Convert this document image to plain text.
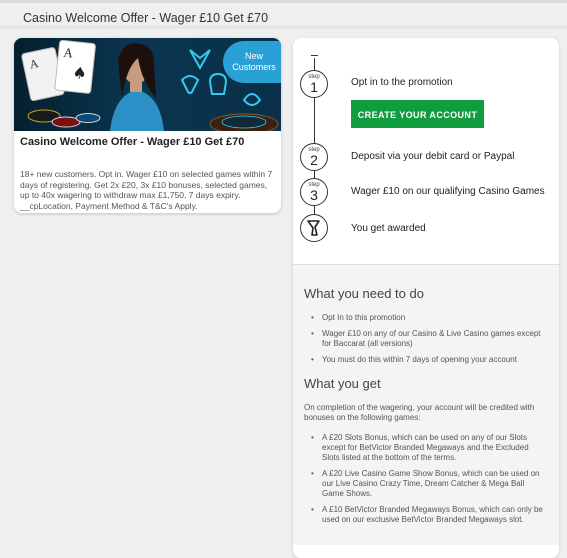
Casino Welcome Offer - Wager £10 Get £70
A
A
♠
New Customers
Casino Welcome Offer - Wager £10 Get £70
18+ new customers. Opt in. Wager £10 on selected games within 7 days of registering. Get 2x £20, 3x £10 bonuses, selected games, up to 40x wagering to withdraw max £1,750, 7 days expiry. __cpLocation, Payment Method & T&C's Apply.
step
1	Opt in to the promotion
CREATE YOUR ACCOUNT
step
2	Deposit via your debit card or Paypal
step
3	Wager £10 on our qualifying Casino Games
You get awarded
What you need to do
• Opt In to this promotion
• Wager £10 on any of our Casino & Live Casino games except for Baccarat (all versions)
• You must do this within 7 days of opening your account
What you get
On completion of the wagering, your account will be credited with bonuses on the following games:
• A £20 Slots Bonus, which can be used on any of our Slots except for BetVictor Branded Megaways and the Excluded Slots listed at the bottom of the terms.
• A £20 Live Casino Game Show Bonus, which can be used on our Live Casino Crazy Time, Dream Catcher & Mega Ball Game Shows.
• A £10 BetVictor Branded Megaways Bonus, which can only be used on our exclusive BetVictor Branded Megaways slot.
